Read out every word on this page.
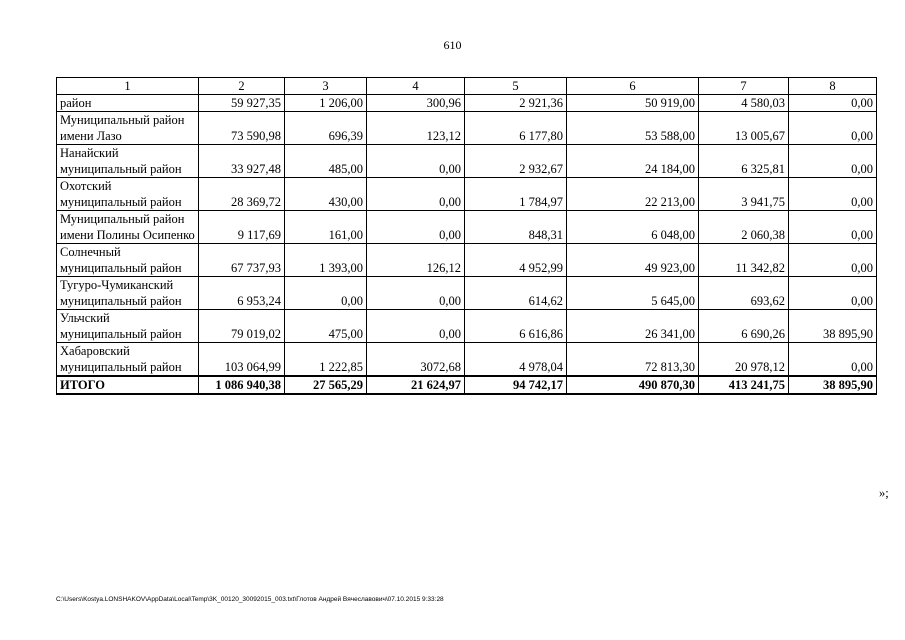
610
1	2	3	4	5	6	7	8
район	59 927,35	1 206,00	300,96	2 921,36	50 919,00	4 580,03	0,00
Муниципальный район имени Лазо	73 590,98	696,39	123,12	6 177,80	53 588,00	13 005,67	0,00
Нанайский муниципальный район	33 927,48	485,00	0,00	2 932,67	24 184,00	6 325,81	0,00
Охотский муниципальный район	28 369,72	430,00	0,00	1 784,97	22 213,00	3 941,75	0,00
Муниципальный район имени Полины Осипенко	9 117,69	161,00	0,00	848,31	6 048,00	2 060,38	0,00
Солнечный муниципальный район	67 737,93	1 393,00	126,12	4 952,99	49 923,00	11 342,82	0,00
Тугуро-Чумиканский муниципальный район	6 953,24	0,00	0,00	614,62	5 645,00	693,62	0,00
Ульчский муниципальный район	79 019,02	475,00	0,00	6 616,86	26 341,00	6 690,26	38 895,90
Хабаровский муниципальный район	103 064,99	1 222,85	3072,68	4 978,04	72 813,30	20 978,12	0,00
ИТОГО	1 086 940,38	27 565,29	21 624,97	94 742,17	490 870,30	413 241,75	38 895,90
»;
C:\Users\Kostya.LONSHAKOV\AppData\Local\Temp\3K_00120_30092015_003.txt\Глотов Андрей Вячеславович\07.10.2015 9:33:28
